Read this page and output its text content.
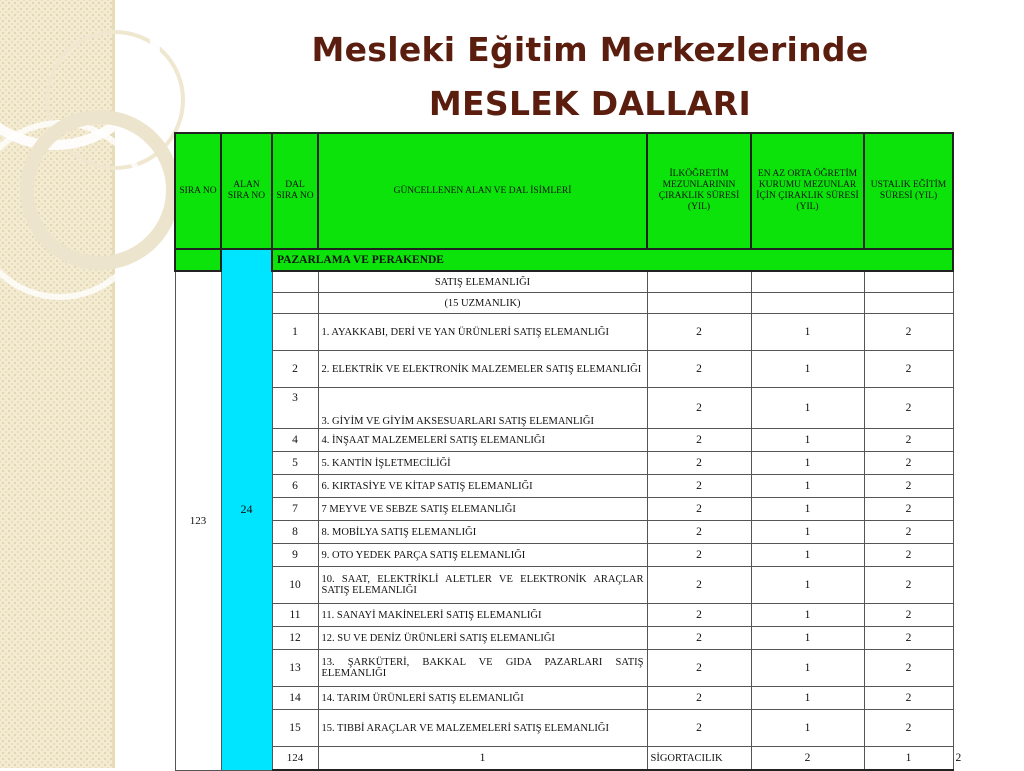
Mesleki Eğitim Merkezlerinde
MESLEK DALLARI
SIRA NO	ALAN SIRA NO	DAL SIRA NO	GÜNCELLENEN ALAN VE DAL İSİMLERİ	İLKÖĞRETİM MEZUNLARININ ÇIRAKLIK SÜRESİ (YIL)	EN AZ ORTA ÖĞRETİM KURUMU MEZUNLAR İÇİN ÇIRAKLIK SÜRESİ (YIL)	USTALIK EĞİTİM SÜRESİ (YIL)	
	24	PAZARLAMA VE PERAKENDE					
123			SATIŞ ELEMANLIĞI				
			(15 UZMANLIK)				
		1	1. AYAKKABI, DERİ VE YAN ÜRÜNLERİ SATIŞ ELEMANLIĞI	2	1	2	
		2	2. ELEKTRİK VE ELEKTRONİK MALZEMELER SATIŞ ELEMANLIĞI	2	1	2	
		3	3. GİYİM VE GİYİM AKSESUARLARI SATIŞ ELEMANLIĞI	2	1	2	
		4	4. İNŞAAT MALZEMELERİ SATIŞ ELEMANLIĞI	2	1	2	
		5	5. KANTİN İŞLETMECİLİĞİ	2	1	2	
		6	6. KIRTASİYE VE KİTAP SATIŞ ELEMANLIĞI	2	1	2	
		7	7 MEYVE VE SEBZE SATIŞ ELEMANLIĞI	2	1	2	
		8	8. MOBİLYA SATIŞ ELEMANLIĞI	2	1	2	
		9	9. OTO YEDEK PARÇA SATIŞ ELEMANLIĞI	2	1	2	
		10	10. SAAT, ELEKTRİKLİ ALETLER VE ELEKTRONİK ARAÇLAR SATIŞ ELEMANLIĞI	2	1	2	
		11	11. SANAYİ MAKİNELERİ SATIŞ ELEMANLIĞI	2	1	2	
		12	12. SU VE DENİZ ÜRÜNLERİ SATIŞ ELEMANLIĞI	2	1	2	
		13	13. ŞARKÜTERİ, BAKKAL VE GIDA PAZARLARI SATIŞ ELEMANLIĞI	2	1	2	
		14	14. TARIM ÜRÜNLERİ SATIŞ ELEMANLIĞI	2	1	2	
		15	15. TIBBİ ARAÇLAR VE MALZEMELERİ SATIŞ ELEMANLIĞI	2	1	2	
		124	1	SİGORTACILIK	2	1	2
